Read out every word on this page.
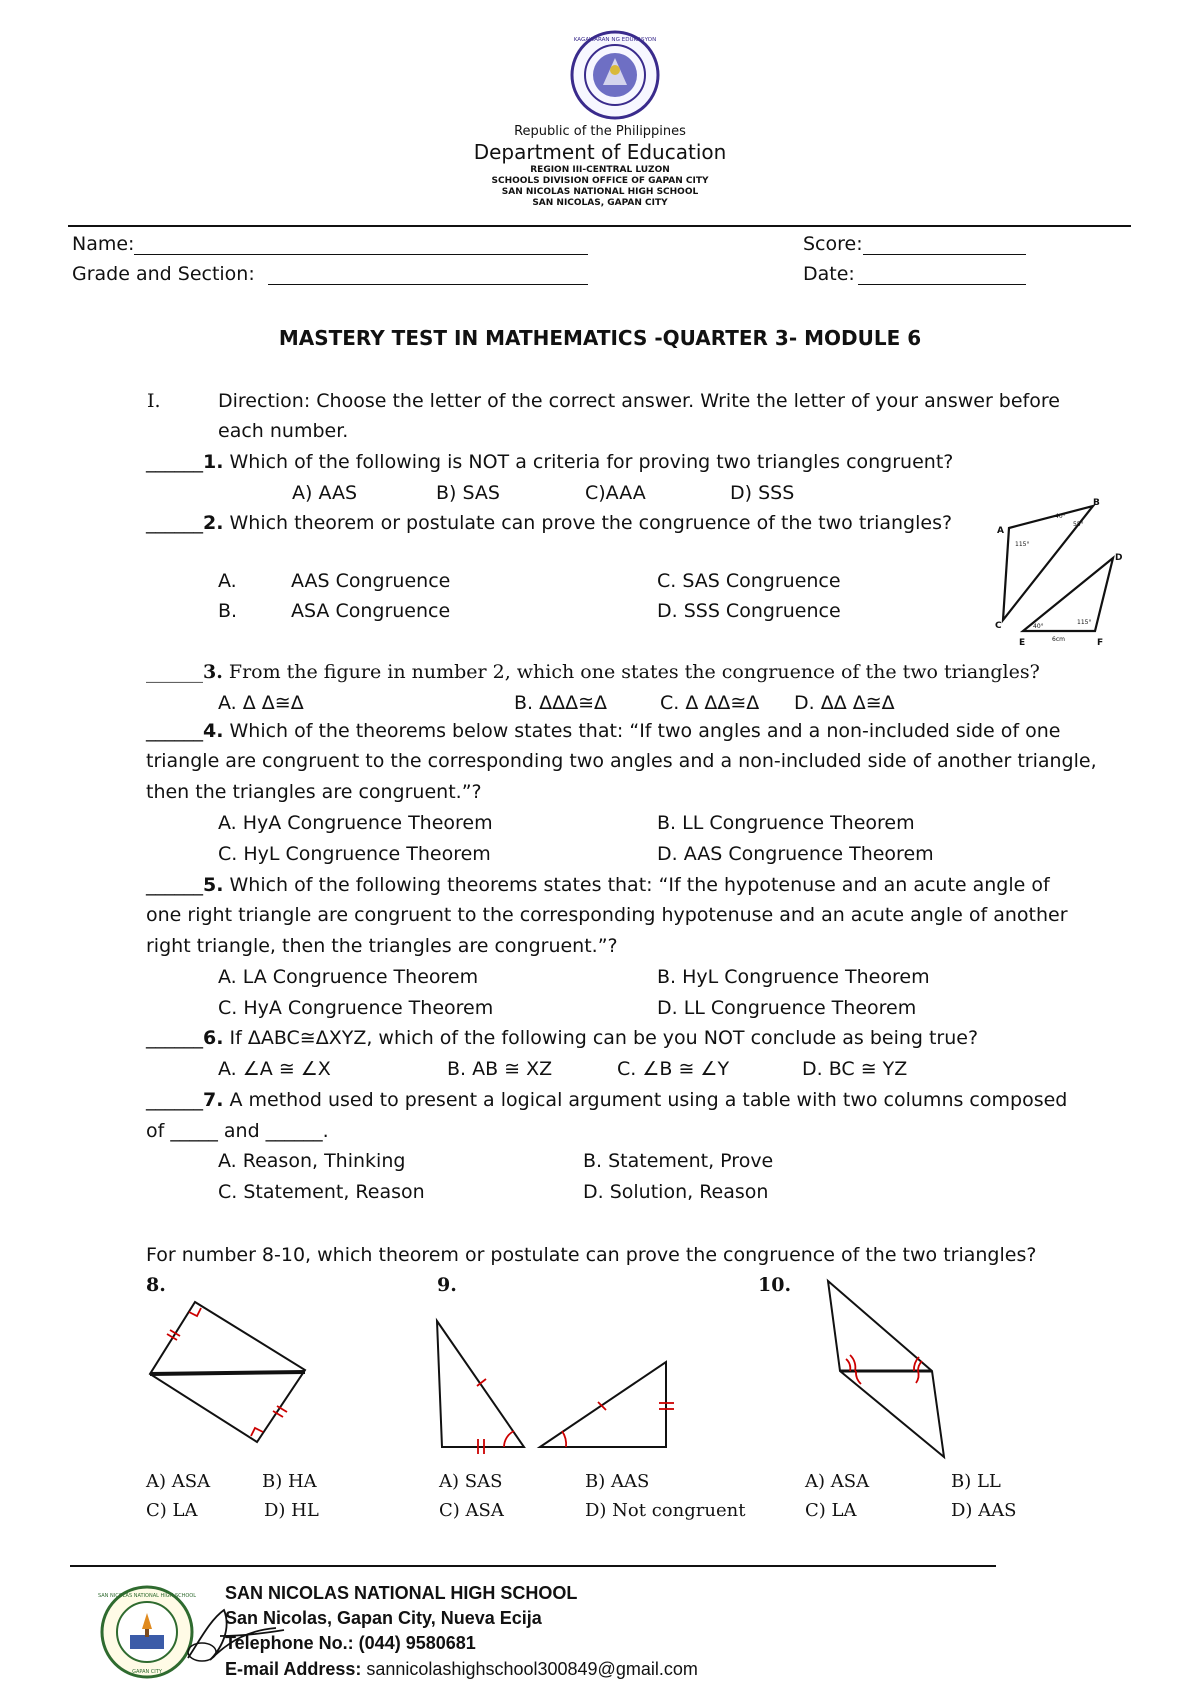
KAGAWARAN NG EDUKASYON
Republic of the Philippines
Department of Education
REGION III-CENTRAL LUZON
SCHOOLS DIVISION OFFICE OF GAPAN CITY
SAN NICOLAS NATIONAL HIGH SCHOOL
SAN NICOLAS, GAPAN CITY
Name:
Grade and Section:
Score:
Date:
MASTERY TEST IN MATHEMATICS -QUARTER 3- MODULE 6
I.	Direction: Choose the letter of the correct answer. Write the letter of your answer before
each number.
______1. Which of the following is NOT a criteria for proving two triangles congruent?
A) AAS	B) SAS	C)AAA	D) SSS
______2. Which theorem or postulate can prove the congruence of the two triangles?
A.	AAS Congruence
B.	ASA Congruence
C. SAS Congruence
D. SSS Congruence
A
B
C
D
E	F
40°
55°
115°
40°
115°
6cm
______3. From the figure in number 2, which one states the congruence of the two triangles?
A. Δ Δ≅Δ	B. ΔΔΔ≅Δ	C. Δ ΔΔ≅Δ D. ΔΔ Δ≅Δ
______4. Which of the theorems below states that: “If two angles and a non-included side of one
triangle are congruent to the corresponding two angles and a non-included side of another triangle,
then the triangles are congruent.”?
A. HyA Congruence Theorem	B. LL Congruence Theorem
C. HyL Congruence Theorem	D. AAS Congruence Theorem
______5. Which of the following theorems states that: “If the hypotenuse and an acute angle of
one right triangle are congruent to the corresponding hypotenuse and an acute angle of another
right triangle, then the triangles are congruent.”?
A. LA Congruence Theorem	B. HyL Congruence Theorem
C. HyA Congruence Theorem	D. LL Congruence Theorem
______6. If ΔABC≅ΔXYZ, which of the following can be you NOT conclude as being true?
A. ∠A ≅ ∠X	B. AB ≅ XZ	C. ∠B ≅ ∠Y	D. BC ≅ YZ
______7. A method used to present a logical argument using a table with two columns composed
of _____ and ______.
A. Reason, Thinking	B. Statement, Prove
C. Statement, Reason	D. Solution, Reason
For number 8-10, which theorem or postulate can prove the congruence of the two triangles?
8.	9.	10.
A) ASA	B) HA
C) LA	D) HL
A) SAS	B) AAS
C) ASA	D) Not congruent
A) ASA	B) LL
C) LA	D) AAS
SAN NICOLAS NATIONAL HIGH SCHOOL
GAPAN CITY
SAN NICOLAS NATIONAL HIGH SCHOOL
San Nicolas, Gapan City, Nueva Ecija
Telephone No.: (044) 9580681
E-mail Address: sannicolashighschool300849@gmail.com
